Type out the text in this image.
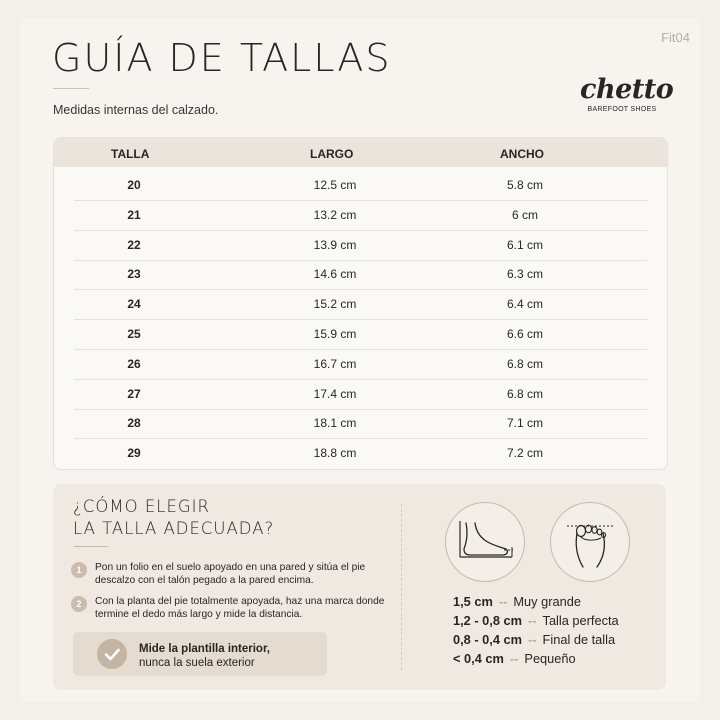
GUÍA DE TALLAS
Medidas internas del calzado.
Fit04
chetto
BAREFOOT SHOES
TALLA	LARGO	ANCHO
20	12.5 cm	5.8 cm
21	13.2 cm	6 cm
22	13.9 cm	6.1 cm
23	14.6 cm	6.3 cm
24	15.2 cm	6.4 cm
25	15.9 cm	6.6 cm
26	16.7 cm	6.8 cm
27	17.4 cm	6.8 cm
28	18.1 cm	7.1 cm
29	18.8 cm	7.2 cm
¿CÓMO ELEGIR
LA TALLA ADECUADA?
1	Pon un folio en el suelo apoyado en una pared y sitúa el pie descalzo con el talón pegado a la pared encima.
2	Con la planta del pie totalmente apoyada, haz una marca donde termine el dedo más largo y mide la distancia.
Mide la plantilla interior,
nunca la suela exterior
1,5 cm -- Muy grande
1,2 - 0,8 cm -- Talla perfecta
0,8 - 0,4 cm -- Final de talla
< 0,4 cm -- Pequeño
